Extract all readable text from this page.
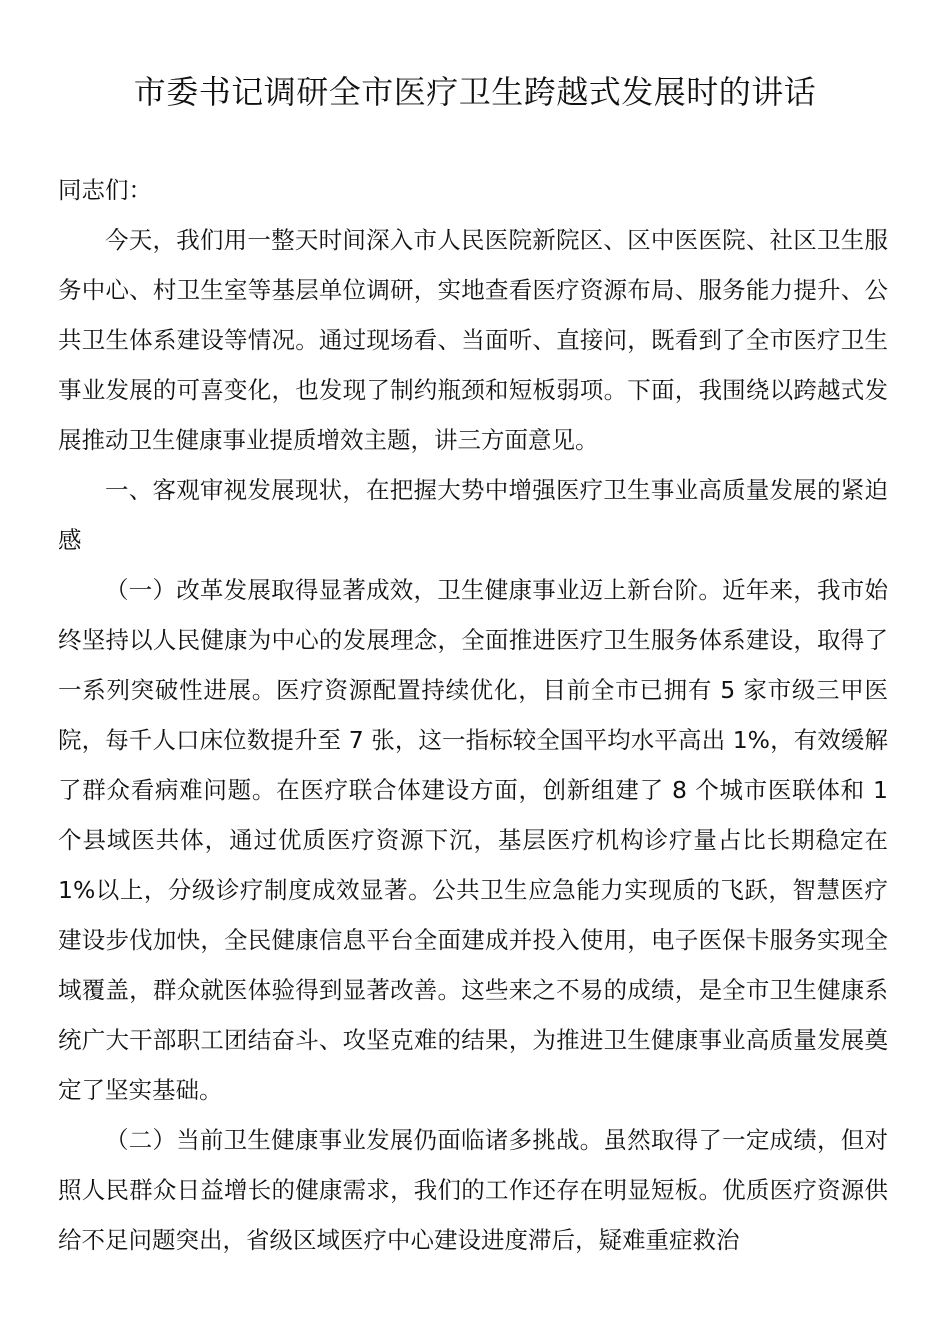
市委书记调研全市医疗卫生跨越式发展时的讲话

同志们：

今天，我们用一整天时间深入市人民医院新院区、区中医医院、社区卫生服务中心、村卫生室等基层单位调研，实地查看医疗资源布局、服务能力提升、公共卫生体系建设等情况。通过现场看、当面听、直接问，既看到了全市医疗卫生事业发展的可喜变化，也发现了制约瓶颈和短板弱项。下面，我围绕以跨越式发展推动卫生健康事业提质增效主题，讲三方面意见。

一、客观审视发展现状，在把握大势中增强医疗卫生事业高质量发展的紧迫感

（一）改革发展取得显著成效，卫生健康事业迈上新台阶。近年来，我市始终坚持以人民健康为中心的发展理念，全面推进医疗卫生服务体系建设，取得了一系列突破性进展。医疗资源配置持续优化，目前全市已拥有 5 家市级三甲医院，每千人口床位数提升至 7 张，这一指标较全国平均水平高出 1%，有效缓解了群众看病难问题。在医疗联合体建设方面，创新组建了 8 个城市医联体和 1 个县域医共体，通过优质医疗资源下沉，基层医疗机构诊疗量占比长期稳定在 1%以上，分级诊疗制度成效显著。公共卫生应急能力实现质的飞跃，智慧医疗建设步伐加快，全民健康信息平台全面建成并投入使用，电子医保卡服务实现全域覆盖，群众就医体验得到显著改善。这些来之不易的成绩，是全市卫生健康系统广大干部职工团结奋斗、攻坚克难的结果，为推进卫生健康事业高质量发展奠定了坚实基础。

（二）当前卫生健康事业发展仍面临诸多挑战。虽然取得了一定成绩，但对照人民群众日益增长的健康需求，我们的工作还存在明显短板。优质医疗资源供给不足问题突出，省级区域医疗中心建设进度滞后，疑难重症救治
